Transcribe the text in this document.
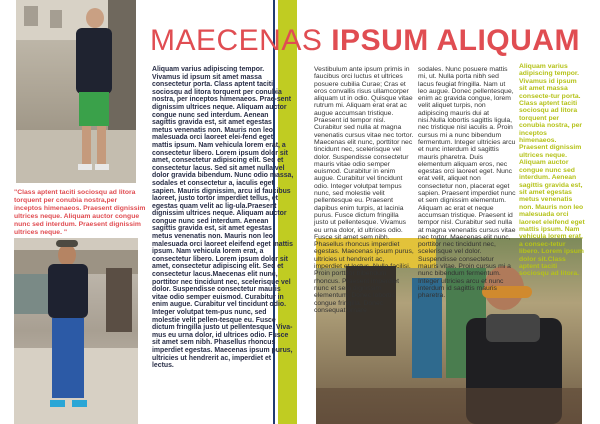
MAECENAS IPSUM ALIQUAM
"Class aptent taciti sociosqu ad litora torquent per conubia nostra,per inceptos himenaeos. Praesent dignissim ultrices neque. Aliquam auctor congue nunc sed interdum. Praesent dignissim ultrices neque. "
Aliquam varius adipiscing tempor. Vivamus id ipsum sit amet massa consectetur porta. Class aptent taciti sociosqu ad litora torquent per conubia nostra, per inceptos himenaeos. Prae-sent dignissim ultrices neque. Aliquam auctor congue nunc sed interdum. Aenean sagittis gravida est, sit amet egestas metus venenatis non. Mauris non leo malesuada orci laoreet elei-fend eget mattis ipsum. Nam vehicula lorem erat, a consectetur libero. Lorem ipsum dolor sit amet, consectetur adipiscing elit. Sed et consectetur lacus. Sed sit amet nulla vel dolor gravida bibendum. Nunc odio massa, sodales et consectetur a, iaculis eget sapien. Mauris dignissim, arcu id faucibus laoreet, justo tortor imperdiet tellus, et egestas quam velit ac lig-ula.Praesent dignissim ultrices neque. Aliquam auctor congue nunc sed interdum. Aenean sagittis gravida est, sit amet egestas metus venenatis non. Mauris non leo malesuada orci laoreet eleifend eget mattis ipsum. Nam vehicula lorem erat, a consectetur libero. Lorem ipsum dolor sit amet, consectetur adipiscing elit. Sed et consectetur lacus.Maecenas elit nunc, porttitor nec tincidunt nec, scelerisque vel dolor. Suspendisse consectetur mauris vitae odio semper euismod. Curabitur in enim augue. Curabitur vel tincidunt odio. Integer volutpat tem-pus nunc, sed molestie velit pellen-tesque eu. Fusce dictum fringilla justo ut pellentesque. Viva-mus eu urna dolor, id ultrices odio. Fusce sit amet sem nibh. Phasellus rhoncus imperdiet egestas. Maecenas ipsum purus, ultricies ut hendrerit ac, imperdiet et lectus.
Vestibulum ante ipsum primis in faucibus orci luctus et ultrices posuere cubilia Curae; Cras et eros convallis risus ullamcorper aliquam ut in odio. Quisque vitae rutrum mi. Aliquam erat erat ac augue accumsan tristique. Praesent id tempor nisl. Curabitur sed nulla at magna venenatis cursus vitae nec tortor. Maecenas elit nunc, porttitor nec tincidunt nec, scelerisque vel dolor. Suspendisse consectetur mauris vitae odio semper euismod. Curabitur in enim augue. Curabitur vel tincidunt odio. Integer volutpat tempus nunc, sed molestie velit pellentesque eu. Praesent dapibus enim turpis, at lacinia purus. Fusce dictum fringilla justo ut pellentesque. Vivamus eu urna dolor, id ultrices odio. Fusce sit amet sem nibh. Phasellus rhoncus imperdiet egestas. Maecenas ipsum purus, ultricies ut hendrerit ac, imperdiet et lectus. Nulla facilisi. Proin porttitor bibendum rhoncus. Praesent imperdiet nunc et sem dignissim elementum. Donec lobortis congue fringilla. Donec consequat ornare
sodales. Nunc posuere mattis mi, ut. Nulla porta nibh sed lacus feugiat fringilla. Nam ut leo augue. Donec pellentesque, enim ac gravida congue, lorem velit aliquet turpis, non adipiscing mauris dui at nisi.Nulla lobortis sagittis ligula, nec tristique nisl iaculis a. Proin cursus mi a nunc bibendum fermentum. Integer ultricies arcu et nunc interdum id sagittis mauris pharetra. Duis elementum aliquam eros, nec egestas orci laoreet eget. Nunc erat velit, aliquet non consectetur non, placerat eget sapien. Praesent imperdiet nunc et sem dignissim elementum. Aliquam ac erat et neque accumsan tristique. Praesent id tempor nisl. Curabitur sed nulla at magna venenatis cursus vitae nec tortor. Maecenas elit nunc, porttitor nec tincidunt nec, scelerisque vel dolor. Suspendisse consectetur mauris vitae. Proin cursus mi a nunc bibendum fermentum. Integer ultricies arcu et nunc interdum id sagittis mauris pharetra.
Aliquam varius adipiscing tempor. Vivamus id ipsum sit amet massa consecte-tur porta. Class aptent taciti sociosqu ad litora torquent per conubia nostra, per inceptos himenaeos. Praesent dignissim ultrices neque. Aliquam auctor congue nunc sed interdum. Aenean sagittis gravida est, sit amet egestas metus venenatis non. Mauris non leo malesuada orci laoreet eleifend eget mattis ipsum. Nam vehicula lorem erat, a consec-tetur libero. Lorem ipsum dolor sit.Class aptent taciti sociosqu ad litora.
